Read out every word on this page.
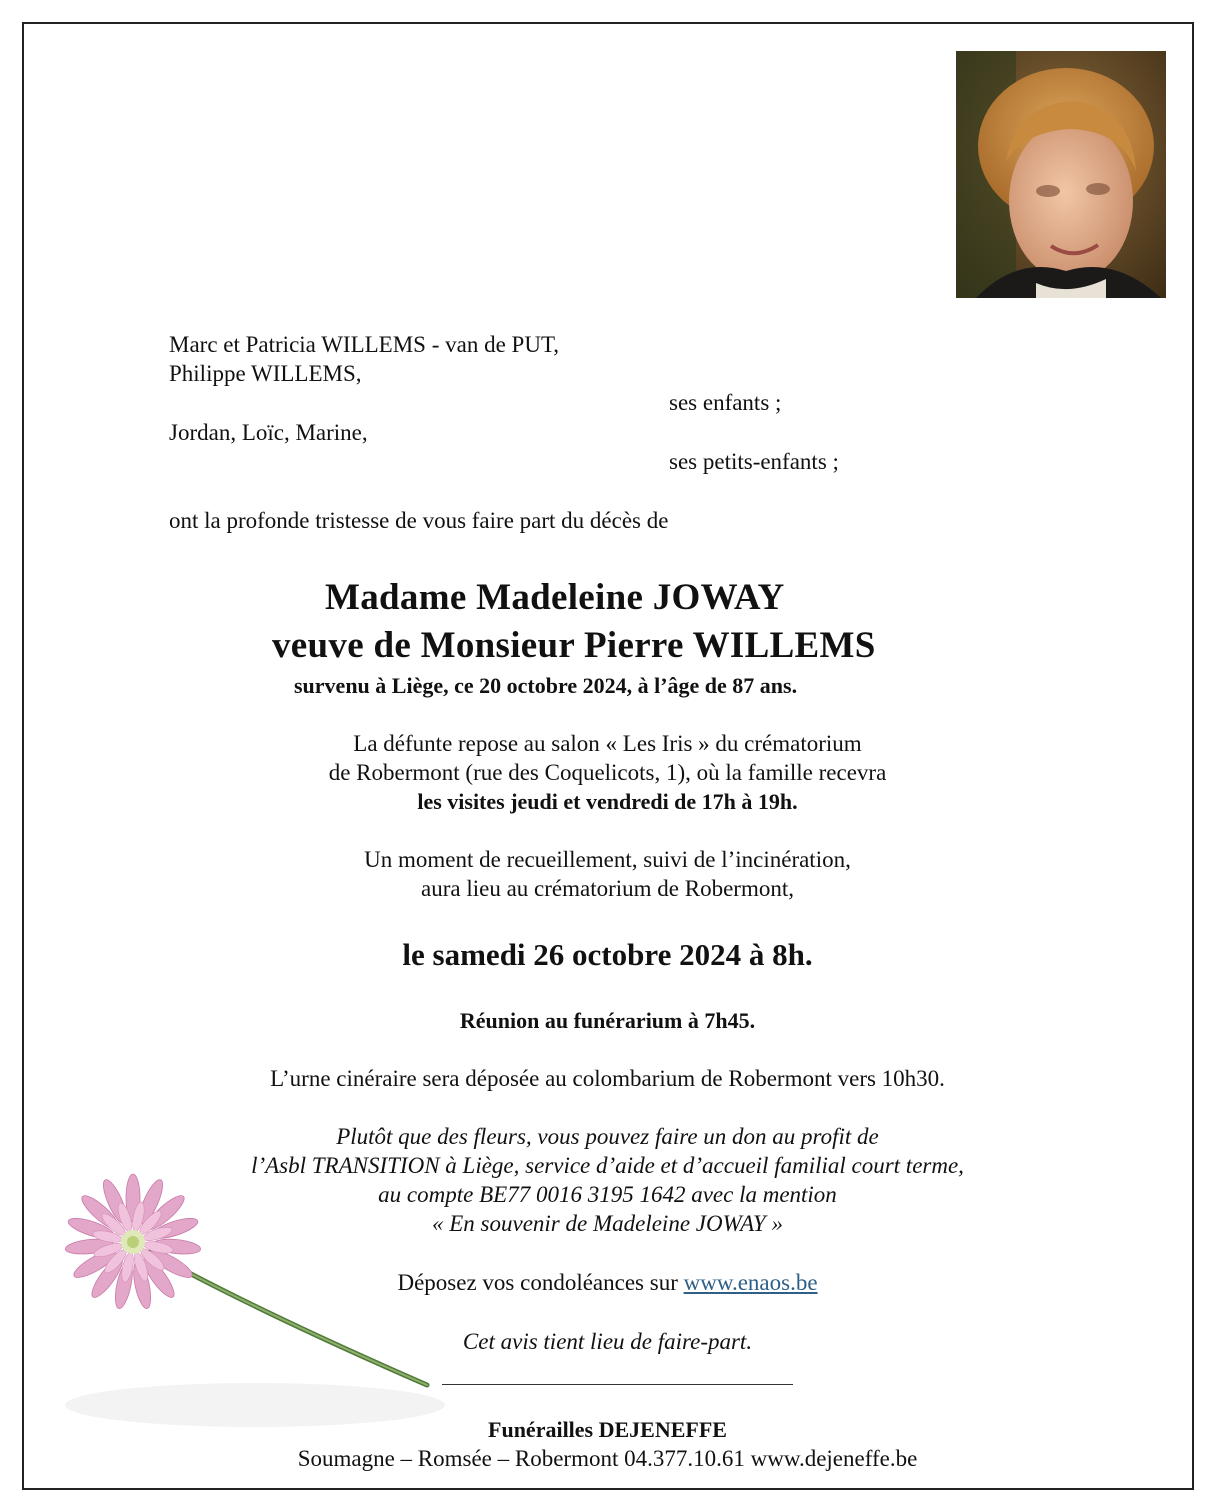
Marc et Patricia WILLEMS - van de PUT,
Philippe WILLEMS,
ses enfants ;
Jordan, Loïc, Marine,
ses petits-enfants ;
ont la profonde tristesse de vous faire part du décès de
Madame Madeleine JOWAY
veuve de Monsieur Pierre WILLEMS
survenu à Liège, ce 20 octobre 2024, à l’âge de 87 ans.
La défunte repose au salon « Les Iris » du crématorium
de Robermont (rue des Coquelicots, 1), où la famille recevra
les visites jeudi et vendredi de 17h à 19h.
Un moment de recueillement, suivi de l’incinération,
aura lieu au crématorium de Robermont,
le samedi 26 octobre 2024 à 8h.
Réunion au funérarium à 7h45.
L’urne cinéraire sera déposée au colombarium de Robermont vers 10h30.
Plutôt que des fleurs, vous pouvez faire un don au profit de
l’Asbl TRANSITION à Liège, service d’aide et d’accueil familial court terme,
au compte BE77 0016 3195 1642 avec la mention
« En souvenir de Madeleine JOWAY »
Déposez vos condoléances sur www.enaos.be
Cet avis tient lieu de faire-part.
Funérailles DEJENEFFE
Soumagne – Romsée – Robermont 04.377.10.61 www.dejeneffe.be
